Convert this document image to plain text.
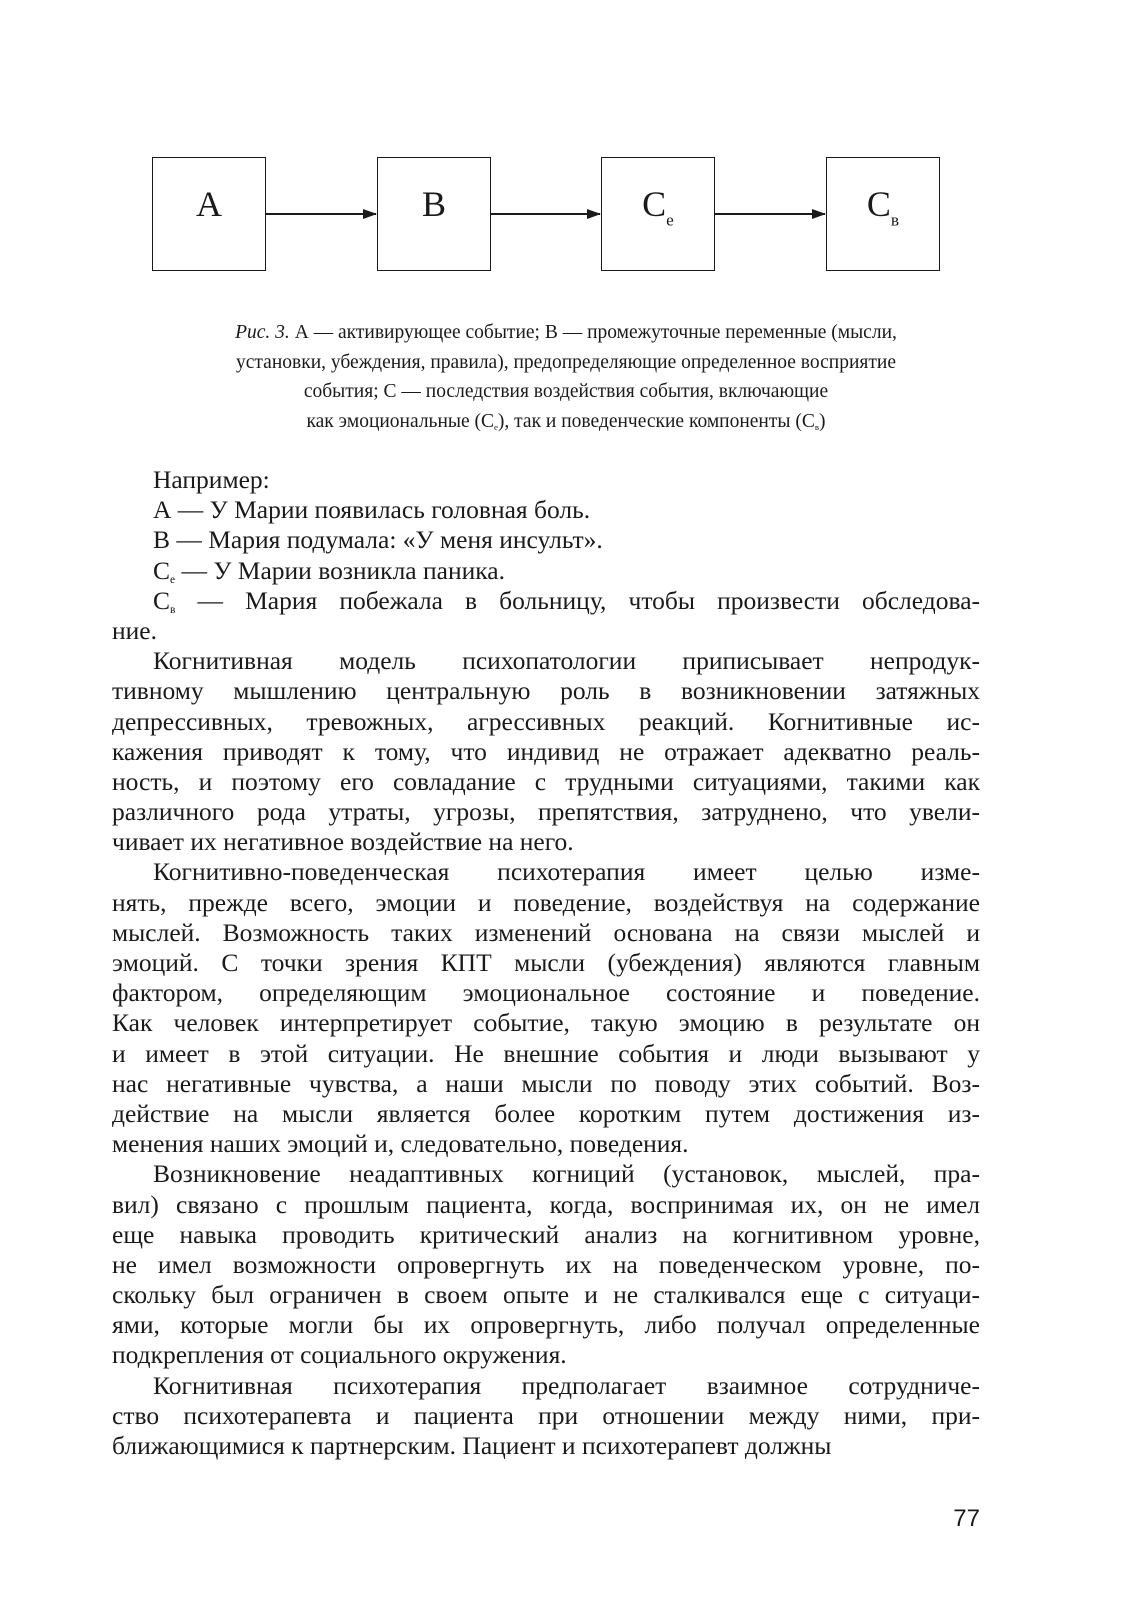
A	B	$C_е$	$C_в$
Рис. 3. А — активирующее событие; B — промежуточные переменные (мысли,
установки, убеждения, правила), предопределяющие определенное восприятие
события; С — последствия воздействия события, включающие
как эмоциональные $(С_е)$, так и поведенческие компоненты $(С_в)$
Например:
А — У Марии появилась головная боль.
В — Мария подумала: «У меня инсульт».
$С_е$ — У Марии возникла паника.
$С_в$ — Мария побежала в больницу, чтобы произвести обследова-
ние.
Когнитивная модель психопатологии приписывает непродук-
тивному мышлению центральную роль в возникновении затяжных
депрессивных, тревожных, агрессивных реакций. Когнитивные ис-
кажения приводят к тому, что индивид не отражает адекватно реаль-
ность, и поэтому его совладание с трудными ситуациями, такими как
различного рода утраты, угрозы, препятствия, затруднено, что увели-
чивает их негативное воздействие на него.
Когнитивно-поведенческая психотерапия имеет целью изме-
нять, прежде всего, эмоции и поведение, воздействуя на содержание
мыслей. Возможность таких изменений основана на связи мыслей и
эмоций. С точки зрения КПТ мысли (убеждения) являются главным
фактором, определяющим эмоциональное состояние и поведение.
Как человек интерпретирует событие, такую эмоцию в результате он
и имеет в этой ситуации. Не внешние события и люди вызывают у
нас негативные чувства, а наши мысли по поводу этих событий. Воз-
действие на мысли является более коротким путем достижения из-
менения наших эмоций и, следовательно, поведения.
Возникновение неадаптивных когниций (установок, мыслей, пра-
вил) связано с прошлым пациента, когда, воспринимая их, он не имел
еще навыка проводить критический анализ на когнитивном уровне,
не имел возможности опровергнуть их на поведенческом уровне, по-
скольку был ограничен в своем опыте и не сталкивался еще с ситуаци-
ями, которые могли бы их опровергнуть, либо получал определенные
подкрепления от социального окружения.
Когнитивная психотерапия предполагает взаимное сотрудниче-
ство психотерапевта и пациента при отношении между ними, при-
ближающимися к партнерским. Пациент и психотерапевт должны
77
